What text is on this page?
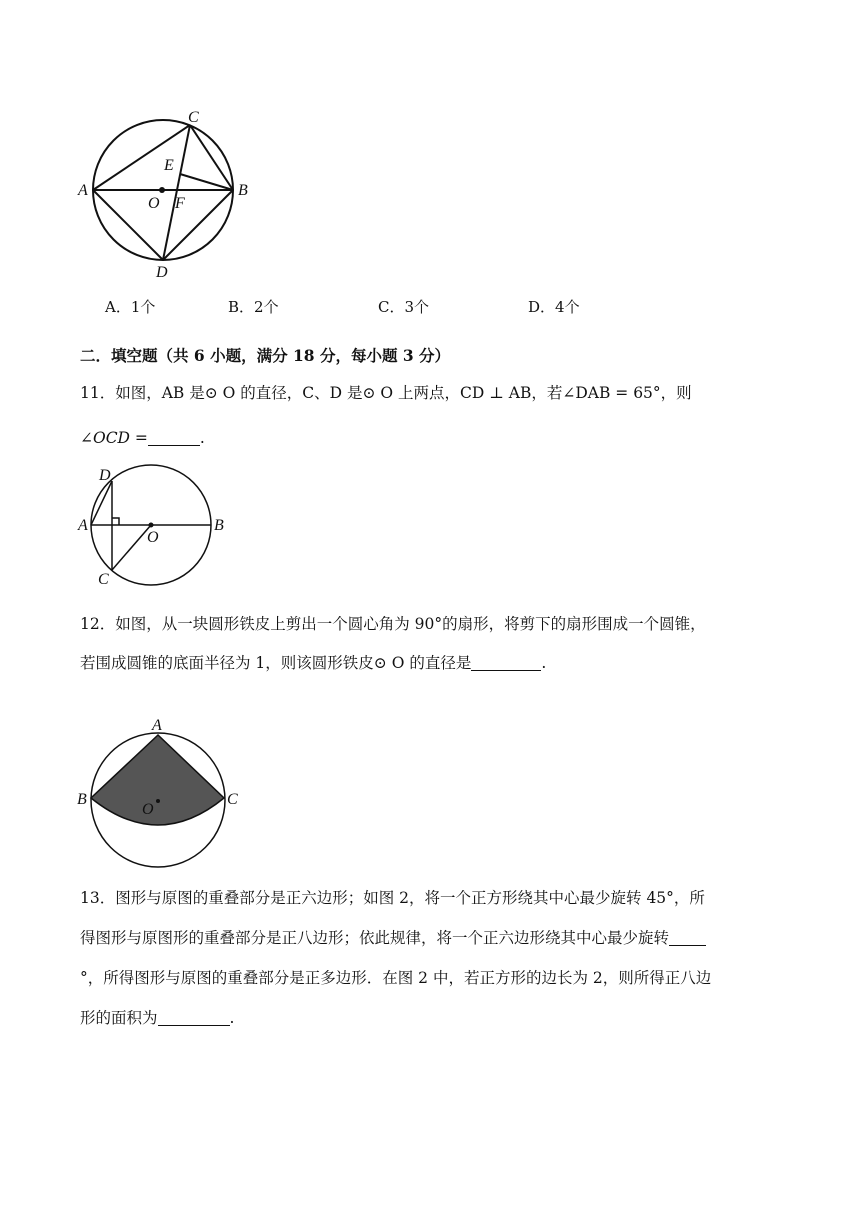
C
E
A	B
O F
D
A．1个	B．2个	C．3个	D．4个
二．填空题（共 6 小题，满分 18 分，每小题 3 分）
11．如图，AB 是⊙ O 的直径，C、D 是⊙ O 上两点，CD ⊥ AB，若∠DAB = 65°，则
∠OCD =	.
D
A	B
O
C
12．如图，从一块圆形铁皮上剪出一个圆心角为 90°的扇形，将剪下的扇形围成一个圆锥，
若围成圆锥的底面半径为 1，则该圆形铁皮⊙ O 的直径是	.
A
B	C
O
13．图形与原图的重叠部分是正六边形；如图 2，将一个正方形绕其中心最少旋转 45°，所
得图形与原图形的重叠部分是正八边形；依此规律，将一个正六边形绕其中心最少旋转
°，所得图形与原图的重叠部分是正多边形．在图 2 中，若正方形的边长为 2，则所得正八边
形的面积为	.
